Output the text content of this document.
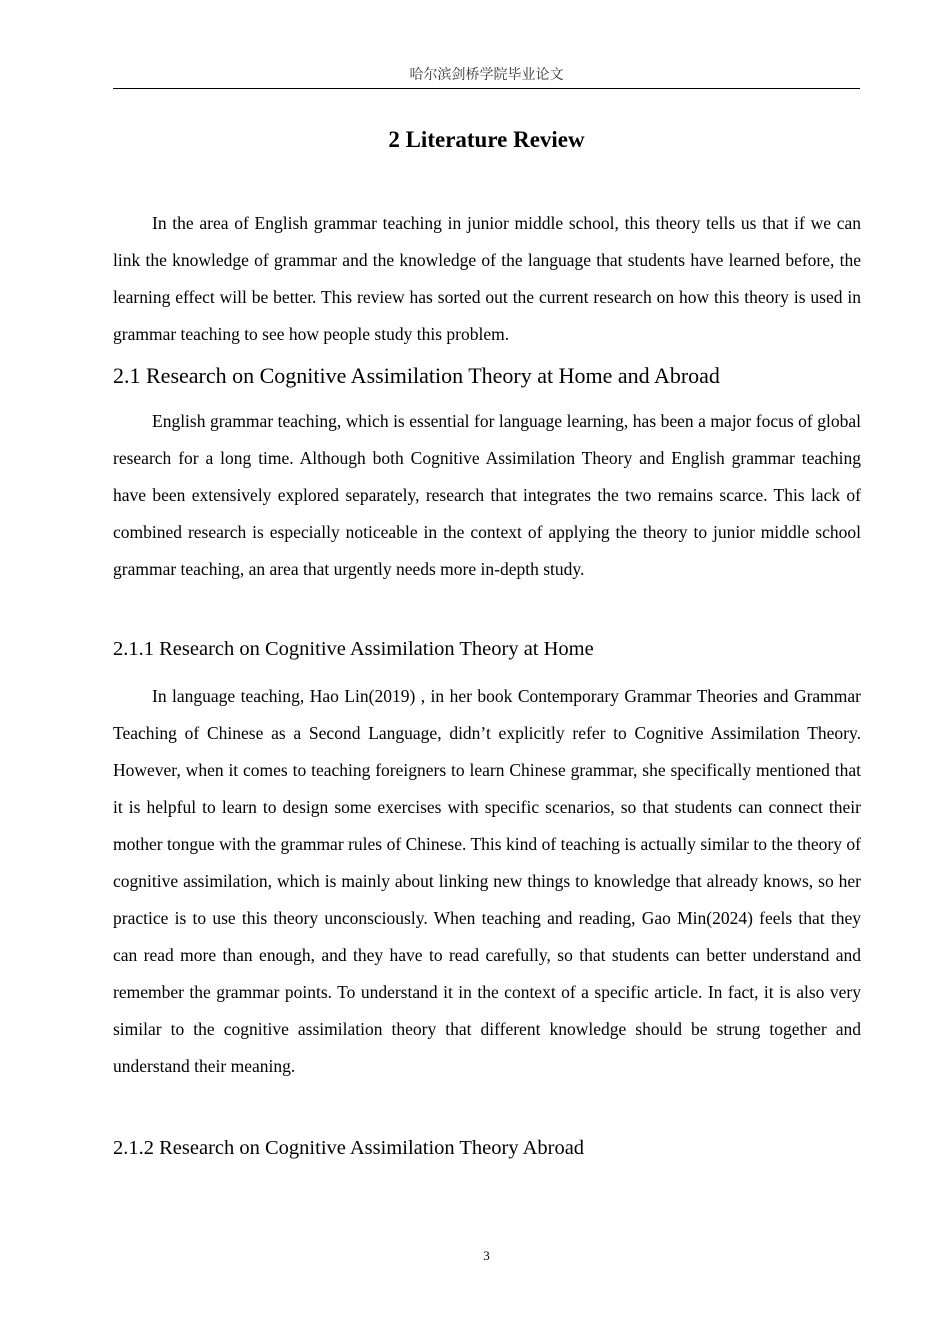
哈尔滨剑桥学院毕业论文
2 Literature Review

In the area of English grammar teaching in junior middle school, this theory tells us that if we can link the knowledge of grammar and the knowledge of the language that students have learned before, the learning effect will be better. This review has sorted out the current research on how this theory is used in grammar teaching to see how people study this problem.

2.1 Research on Cognitive Assimilation Theory at Home and Abroad

English grammar teaching, which is essential for language learning, has been a major focus of global research for a long time. Although both Cognitive Assimilation Theory and English grammar teaching have been extensively explored separately, research that integrates the two remains scarce. This lack of combined research is especially noticeable in the context of applying the theory to junior middle school grammar teaching, an area that urgently needs more in-depth study.

2.1.1 Research on Cognitive Assimilation Theory at Home

In language teaching, Hao Lin(2019) , in her book Contemporary Grammar Theories and Grammar Teaching of Chinese as a Second Language, didn’t explicitly refer to Cognitive Assimilation Theory. However, when it comes to teaching foreigners to learn Chinese grammar, she specifically mentioned that it is helpful to learn to design some exercises with specific scenarios, so that students can connect their mother tongue with the grammar rules of Chinese. This kind of teaching is actually similar to the theory of cognitive assimilation, which is mainly about linking new things to knowledge that already knows, so her practice is to use this theory unconsciously. When teaching and reading, Gao Min(2024) feels that they can read more than enough, and they have to read carefully, so that students can better understand and remember the grammar points. To understand it in the context of a specific article. In fact, it is also very similar to the cognitive assimilation theory that different knowledge should be strung together and understand their meaning.

2.1.2 Research on Cognitive Assimilation Theory Abroad
3
